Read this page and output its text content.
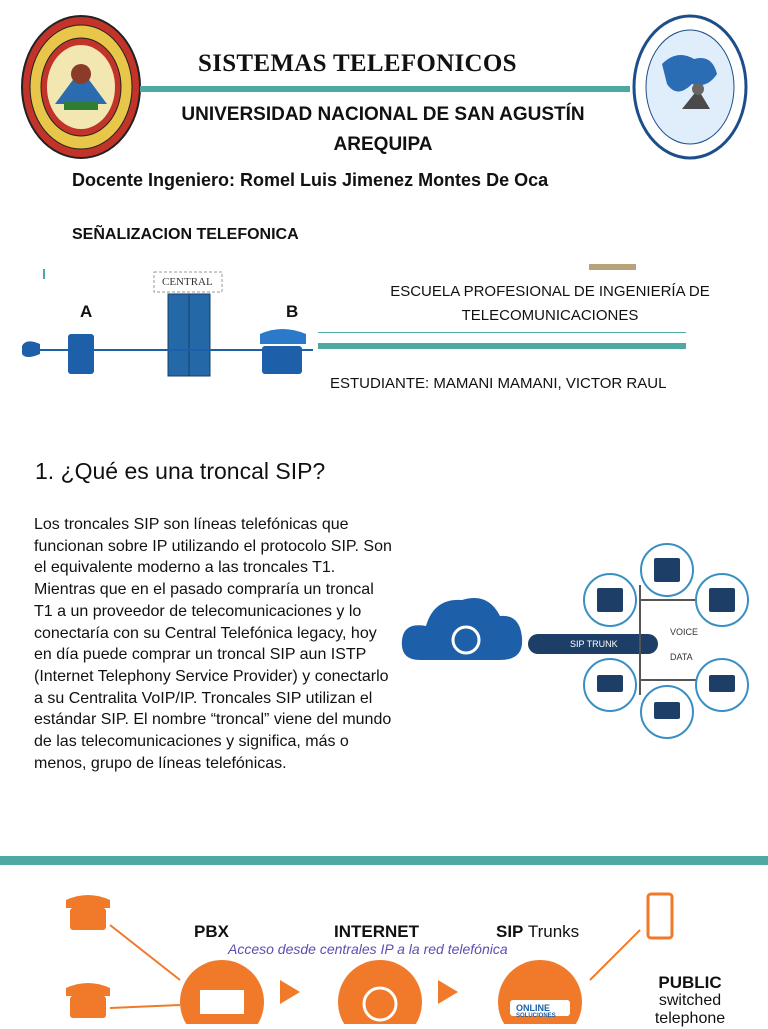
SISTEMAS TELEFONICOS
UNIVERSIDAD NACIONAL DE SAN AGUSTÍN
AREQUIPA
Docente Ingeniero: Romel Luis Jimenez Montes De Oca
SEÑALIZACION TELEFONICA
A	B
CENTRAL
ESCUELA PROFESIONAL DE INGENIERÍA DE
TELECOMUNICACIONES
ESTUDIANTE: MAMANI MAMANI, VICTOR RAUL
1. ¿Qué es una troncal SIP?
Los troncales SIP son líneas telefónicas que funcionan sobre IP utilizando el protocolo SIP. Son el equivalente moderno a las troncales T1. Mientras que en el pasado compraría un troncal T1 a un proveedor de telecomunicaciones y lo conectaría con su Central Telefónica legacy, hoy en día puede comprar un troncal SIP aun ISTP (Internet Telephony Service Provider) y conectarlo a su Centralita VoIP/IP. Troncales SIP utilizan el estándar SIP. El nombre “troncal” viene del mundo de las telecomunicaciones y significa, más o menos, grupo de líneas telefónicas.
SIP TRUNK
VOICE
DATA
PBX	INTERNET	SIP Trunks
Acceso desde centrales IP a la red telefónica
ONLINE
SOLUCIONES
PUBLIC
switched
telephone
